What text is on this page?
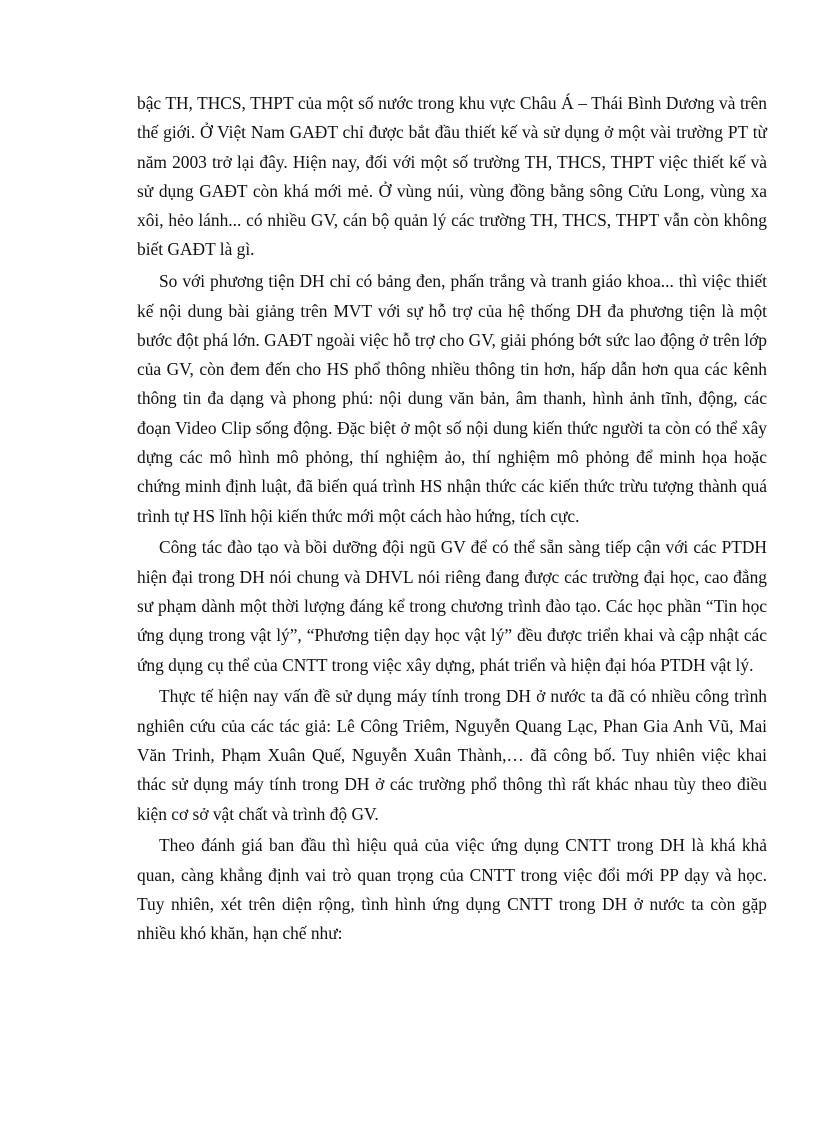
bậc TH, THCS, THPT của một số nước trong khu vực Châu Á – Thái Bình Dương và trên thế giới. Ở Việt Nam GAĐT chỉ được bắt đầu thiết kế và sử dụng ở một vài trường PT từ năm 2003 trở lại đây. Hiện nay, đối với một số trường TH, THCS, THPT việc thiết kế và sử dụng GAĐT còn khá mới mẻ. Ở vùng núi, vùng đồng bằng sông Cửu Long, vùng xa xôi, hẻo lánh... có nhiều GV, cán bộ quản lý các trường TH, THCS, THPT vẫn còn không biết GAĐT là gì.

So với phương tiện DH chỉ có bảng đen, phấn trắng và tranh giáo khoa... thì việc thiết kế nội dung bài giảng trên MVT với sự hỗ trợ của hệ thống DH đa phương tiện là một bước đột phá lớn. GAĐT ngoài việc hỗ trợ cho GV, giải phóng bớt sức lao động ở trên lớp của GV, còn đem đến cho HS phổ thông nhiều thông tin hơn, hấp dẫn hơn qua các kênh thông tin đa dạng và phong phú: nội dung văn bản, âm thanh, hình ảnh tĩnh, động, các đoạn Video Clip sống động. Đặc biệt ở một số nội dung kiến thức người ta còn có thể xây dựng các mô hình mô phỏng, thí nghiệm ảo, thí nghiệm mô phỏng để minh họa hoặc chứng minh định luật, đã biến quá trình HS nhận thức các kiến thức trừu tượng thành quá trình tự HS lĩnh hội kiến thức mới một cách hào hứng, tích cực.

Công tác đào tạo và bồi dưỡng đội ngũ GV để có thể sẵn sàng tiếp cận với các PTDH hiện đại trong DH nói chung và DHVL nói riêng đang được các trường đại học, cao đẳng sư phạm dành một thời lượng đáng kể trong chương trình đào tạo. Các học phần “Tin học ứng dụng trong vật lý”, “Phương tiện dạy học vật lý” đều được triển khai và cập nhật các ứng dụng cụ thể của CNTT trong việc xây dựng, phát triển và hiện đại hóa PTDH vật lý.

Thực tế hiện nay vấn đề sử dụng máy tính trong DH ở nước ta đã có nhiều công trình nghiên cứu của các tác giả: Lê Công Triêm, Nguyễn Quang Lạc, Phan Gia Anh Vũ, Mai Văn Trinh, Phạm Xuân Quế, Nguyễn Xuân Thành,… đã công bố. Tuy nhiên việc khai thác sử dụng máy tính trong DH ở các trường phổ thông thì rất khác nhau tùy theo điều kiện cơ sở vật chất và trình độ GV.

Theo đánh giá ban đầu thì hiệu quả của việc ứng dụng CNTT trong DH là khá khả quan, càng khẳng định vai trò quan trọng của CNTT trong việc đổi mới PP dạy và học. Tuy nhiên, xét trên diện rộng, tình hình ứng dụng CNTT trong DH ở nước ta còn gặp nhiều khó khăn, hạn chế như:
